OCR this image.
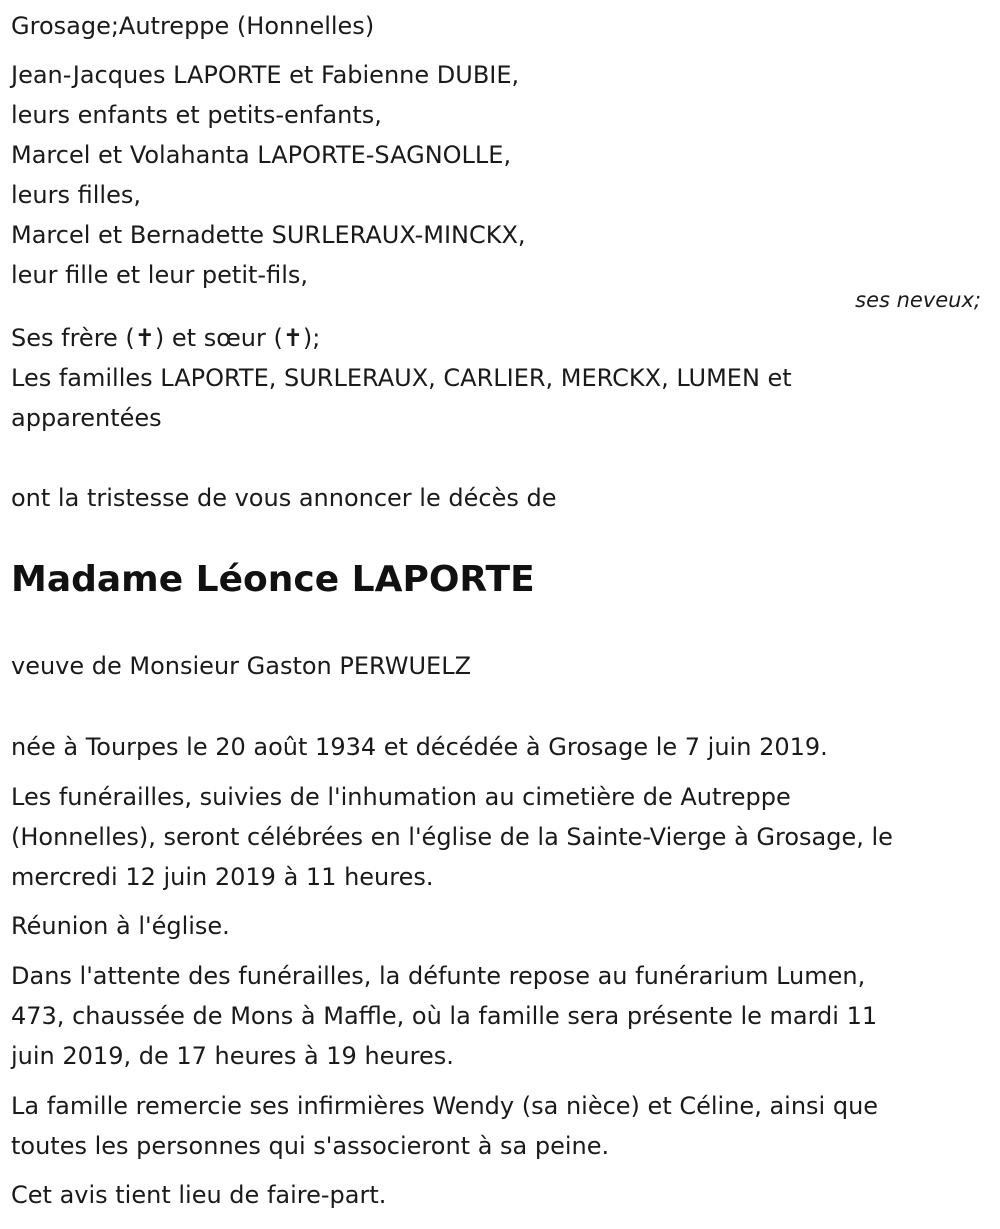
Grosage;Autreppe (Honnelles)
Jean-Jacques LAPORTE et Fabienne DUBIE,
leurs enfants et petits-enfants,
Marcel et Volahanta LAPORTE-SAGNOLLE,
leurs filles,
Marcel et Bernadette SURLERAUX-MINCKX,
leur fille et leur petit-fils,
ses neveux;
Ses frère (✝) et sœur (✝);
Les familles LAPORTE, SURLERAUX, CARLIER, MERCKX, LUMEN et
apparentées
ont la tristesse de vous annoncer le décès de
Madame Léonce LAPORTE
veuve de Monsieur Gaston PERWUELZ
née à Tourpes le 20 août 1934 et décédée à Grosage le 7 juin 2019.
Les funérailles, suivies de l'inhumation au cimetière de Autreppe
(Honnelles), seront célébrées en l'église de la Sainte-Vierge à Grosage, le
mercredi 12 juin 2019 à 11 heures.
Réunion à l'église.
Dans l'attente des funérailles, la défunte repose au funérarium Lumen,
473, chaussée de Mons à Maffle, où la famille sera présente le mardi 11
juin 2019, de 17 heures à 19 heures.
La famille remercie ses infirmières Wendy (sa nièce) et Céline, ainsi que
toutes les personnes qui s'associeront à sa peine.
Cet avis tient lieu de faire-part.
